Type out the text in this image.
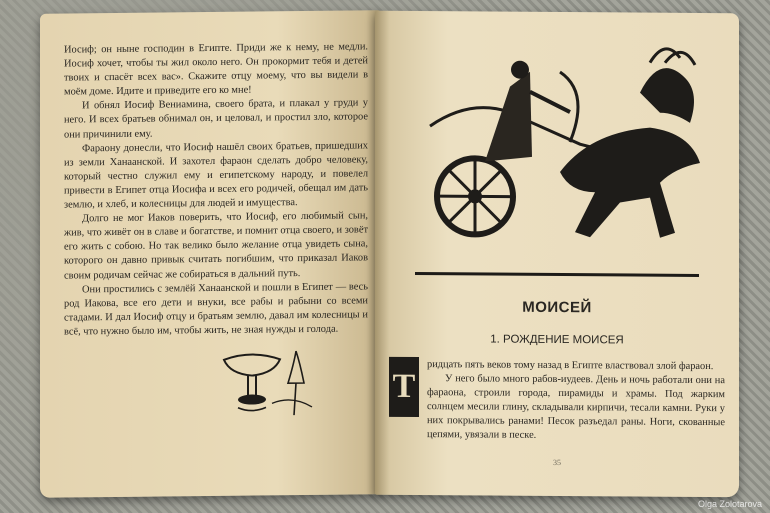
Иосиф; он ныне господин в Египте. Приди же к нему, не медли. Иосиф хочет, чтобы ты жил около него. Он прокормит тебя и детей твоих и спасёт всех вас». Скажите отцу моему, что вы видели в моём доме. Идите и приведите его ко мне!

И обнял Иосиф Вениамина, своего брата, и плакал у груди у него. И всех братьев обнимал он, и целовал, и простил зло, которое они причинили ему.

Фараону донесли, что Иосиф нашёл своих братьев, пришедших из земли Ханаанской. И захотел фараон сделать добро человеку, который честно служил ему и египетскому народу, и повелел привести в Египет отца Иосифа и всех его родичей, обещал им дать землю, и хлеб, и колесницы для людей и имущества.

Долго не мог Иаков поверить, что Иосиф, его любимый сын, жив, что живёт он в славе и богатстве, и помнит отца своего, и зовёт его жить с собою. Но так велико было желание отца увидеть сына, которого он давно привык считать погибшим, что приказал Иаков своим родичам сейчас же собираться в дальний путь.

Они простились с землёй Ханаанской и пошли в Египет — весь род Иакова, все его дети и внуки, все рабы и рабыни со всеми стадами. И дал Иосиф отцу и братьям землю, давал им колесницы и всё, что нужно было им, чтобы жить, не зная нужды и голода.

МОИСЕЙ
1. РОЖДЕНИЕ МОИСЕЯ
Т

ридцать пять веков тому назад в Египте властвовал злой фараон.

У него было много рабов-иудеев. День и ночь работали они на фараона, строили города, пирамиды и храмы. Под жарким солнцем месили глину, складывали кирпичи, тесали камни. Руки у них покрывались ранами! Песок разъедал раны. Ноги, скованные цепями, увязали в песке.

35
Olga Zolotarova
